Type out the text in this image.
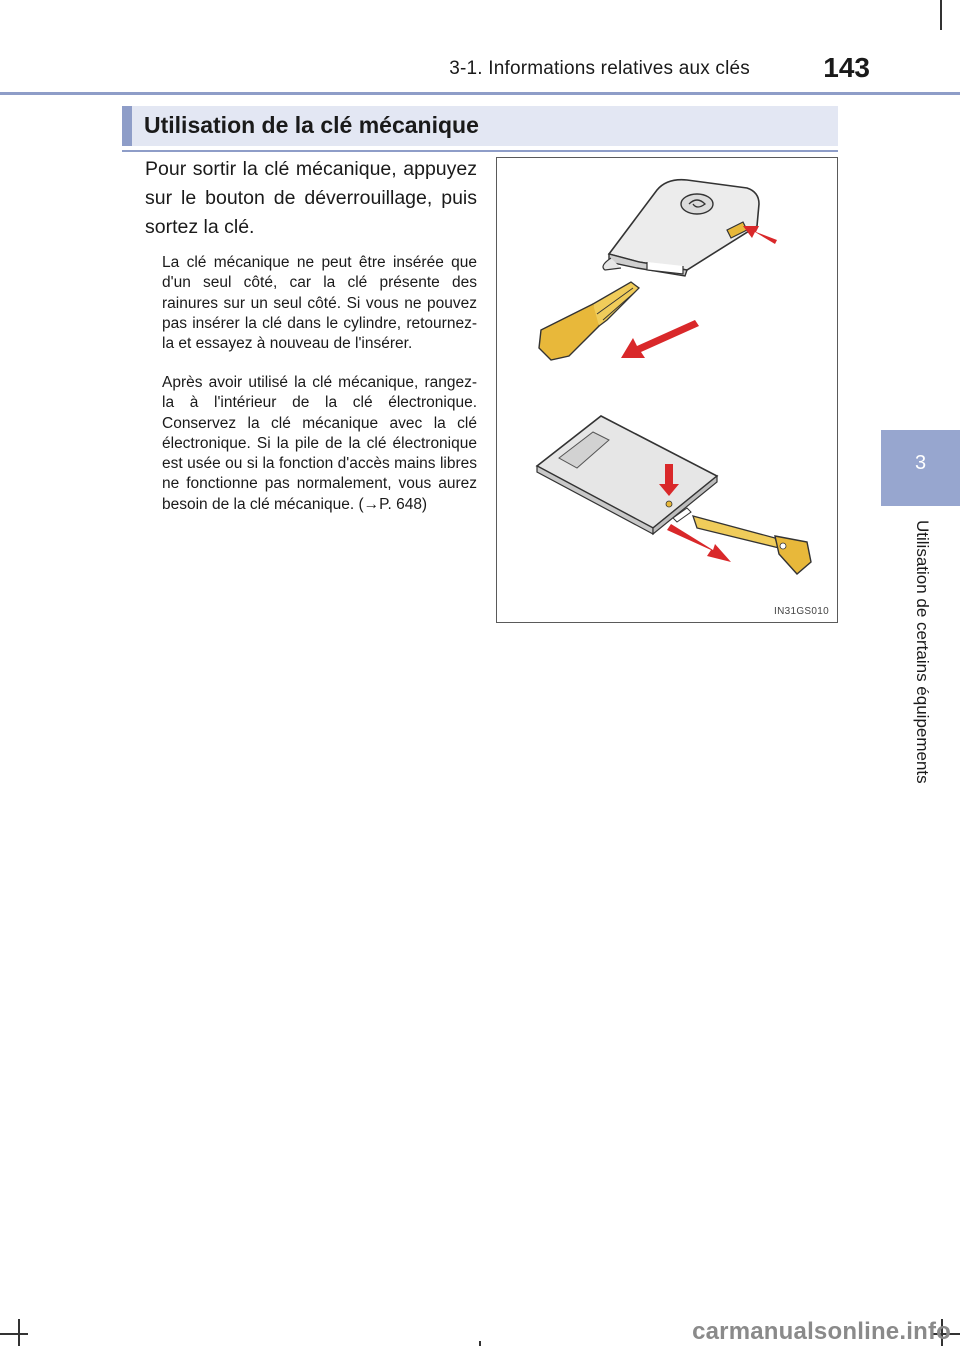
3-1. Informations relatives aux clés	143
3
Utilisation de certains équipements
Utilisation de la clé mécanique

Pour sortir la clé mécanique, appuyez sur le bouton de déverrouillage, puis sortez la clé.

La clé mécanique ne peut être insérée que d'un seul côté, car la clé présente des rainures sur un seul côté. Si vous ne pouvez pas insérer la clé dans le cylindre, retournez-la et essayez à nouveau de l'insérer.

Après avoir utilisé la clé mécanique, rangez-la à l'intérieur de la clé électronique. Conservez la clé mécanique avec la clé électronique. Si la pile de la clé électronique est usée ou si la fonction d'accès mains libres ne fonctionne pas normalement, vous aurez besoin de la clé mécanique. (→P. 648)

IN31GS010
carmanualsonline.info
